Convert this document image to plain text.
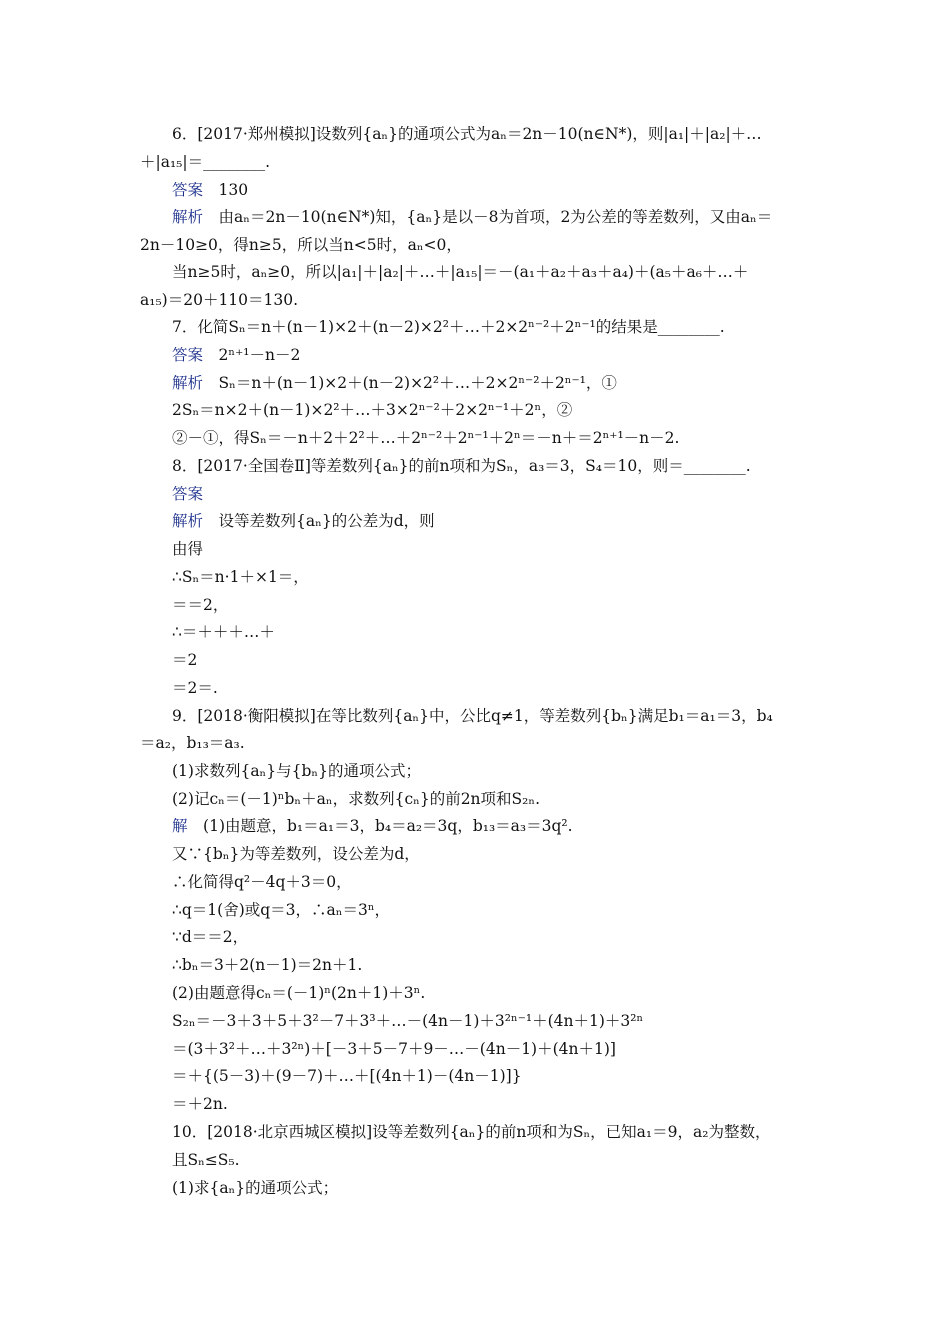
6．[2017·郑州模拟]设数列{aₙ}的通项公式为aₙ＝2n－10(n∈N*)，则|a₁|＋|a₂|＋…
＋|a₁₅|＝________.
答案　 130
解析　 由aₙ＝2n－10(n∈N*)知，{aₙ}是以－8为首项，2为公差的等差数列，又由aₙ＝
2n－10≥0，得n≥5，所以当n<5时，aₙ<0，
当n≥5时，aₙ≥0，所以|a₁|＋|a₂|＋…＋|a₁₅|＝－(a₁＋a₂＋a₃＋a₄)＋(a₅＋a₆＋…＋
a₁₅)＝20＋110＝130.
7．化简Sₙ＝n＋(n－1)×2＋(n－2)×2²＋…＋2×2ⁿ⁻²＋2ⁿ⁻¹的结果是________.
答案　 2ⁿ⁺¹－n－2
解析　 Sₙ＝n＋(n－1)×2＋(n－2)×2²＋…＋2×2ⁿ⁻²＋2ⁿ⁻¹，①
2Sₙ＝n×2＋(n－1)×2²＋…＋3×2ⁿ⁻²＋2×2ⁿ⁻¹＋2ⁿ，②
②－①，得Sₙ＝－n＋2＋2²＋…＋2ⁿ⁻²＋2ⁿ⁻¹＋2ⁿ＝－n＋＝2ⁿ⁺¹－n－2.
8．[2017·全国卷Ⅱ]等差数列{aₙ}的前n项和为Sₙ，a₃＝3，S₄＝10，则＝________.
答案　
解析　 设等差数列{aₙ}的公差为d，则
由得
∴Sₙ＝n·1＋×1＝，
＝＝2，
∴＝＋＋＋…＋
＝2
＝2＝.
9．[2018·衡阳模拟]在等比数列{aₙ}中，公比q≠1，等差数列{bₙ}满足b₁＝a₁＝3，b₄
＝a₂，b₁₃＝a₃.
(1)求数列{aₙ}与{bₙ}的通项公式；
(2)记cₙ＝(－1)ⁿbₙ＋aₙ，求数列{cₙ}的前2n项和S₂ₙ.
解　 (1)由题意，b₁＝a₁＝3，b₄＝a₂＝3q，b₁₃＝a₃＝3q².
又∵{bₙ}为等差数列，设公差为d，
∴化简得q²－4q＋3＝0，
∴q＝1(舍)或q＝3，∴aₙ＝3ⁿ，
∵d＝＝2，
∴bₙ＝3＋2(n－1)＝2n＋1.
(2)由题意得cₙ＝(－1)ⁿ(2n＋1)＋3ⁿ.
S₂ₙ＝－3＋3＋5＋3²－7＋3³＋…－(4n－1)＋3²ⁿ⁻¹＋(4n＋1)＋3²ⁿ
＝(3＋3²＋…＋3²ⁿ)＋[－3＋5－7＋9－…－(4n－1)＋(4n＋1)]
＝＋{(5－3)＋(9－7)＋…＋[(4n＋1)－(4n－1)]}
＝＋2n.
10．[2018·北京西城区模拟]设等差数列{aₙ}的前n项和为Sₙ，已知a₁＝9，a₂为整数，
且Sₙ≤S₅.
(1)求{aₙ}的通项公式；
